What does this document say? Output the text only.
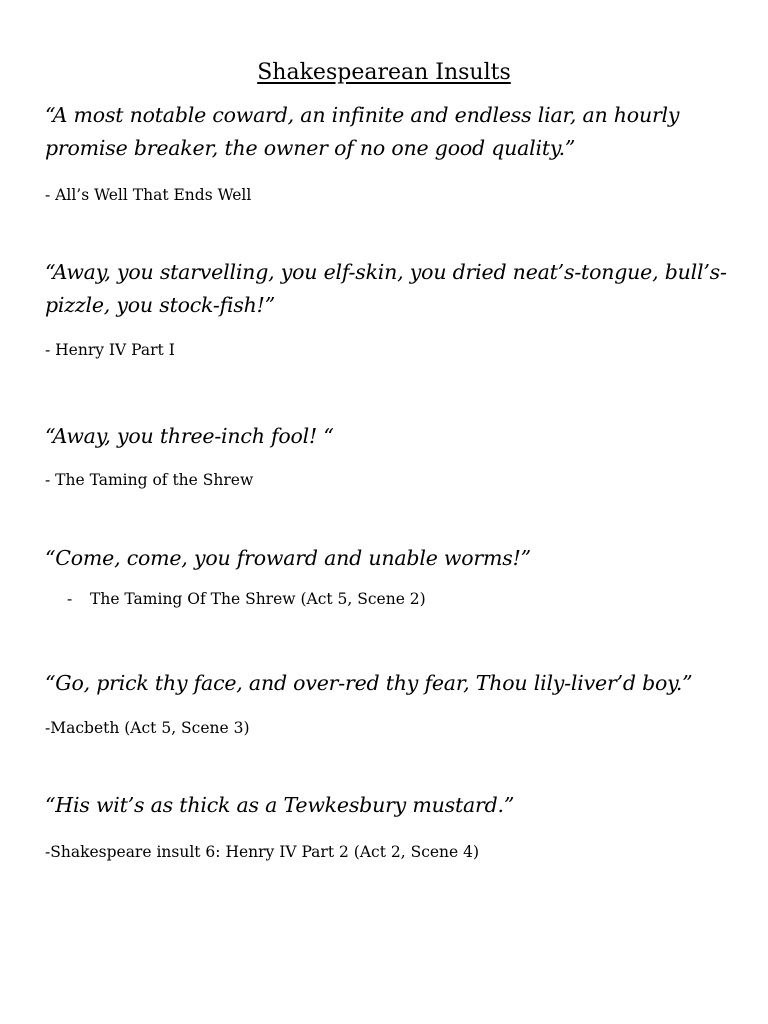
Shakespearean Insults
“A most notable coward, an infinite and endless liar, an hourly promise breaker, the owner of no one good quality.”
- All’s Well That Ends Well
“Away, you starvelling, you elf-skin, you dried neat’s-tongue, bull’s-pizzle, you stock-fish!”
- Henry IV Part I
“Away, you three-inch fool! “
- The Taming of the Shrew
“Come, come, you froward and unable worms!”
- The Taming Of The Shrew (Act 5, Scene 2)
“Go, prick thy face, and over-red thy fear, Thou lily-liver’d boy.”
-Macbeth (Act 5, Scene 3)
“His wit’s as thick as a Tewkesbury mustard.”
-Shakespeare insult 6: Henry IV Part 2 (Act 2, Scene 4)
